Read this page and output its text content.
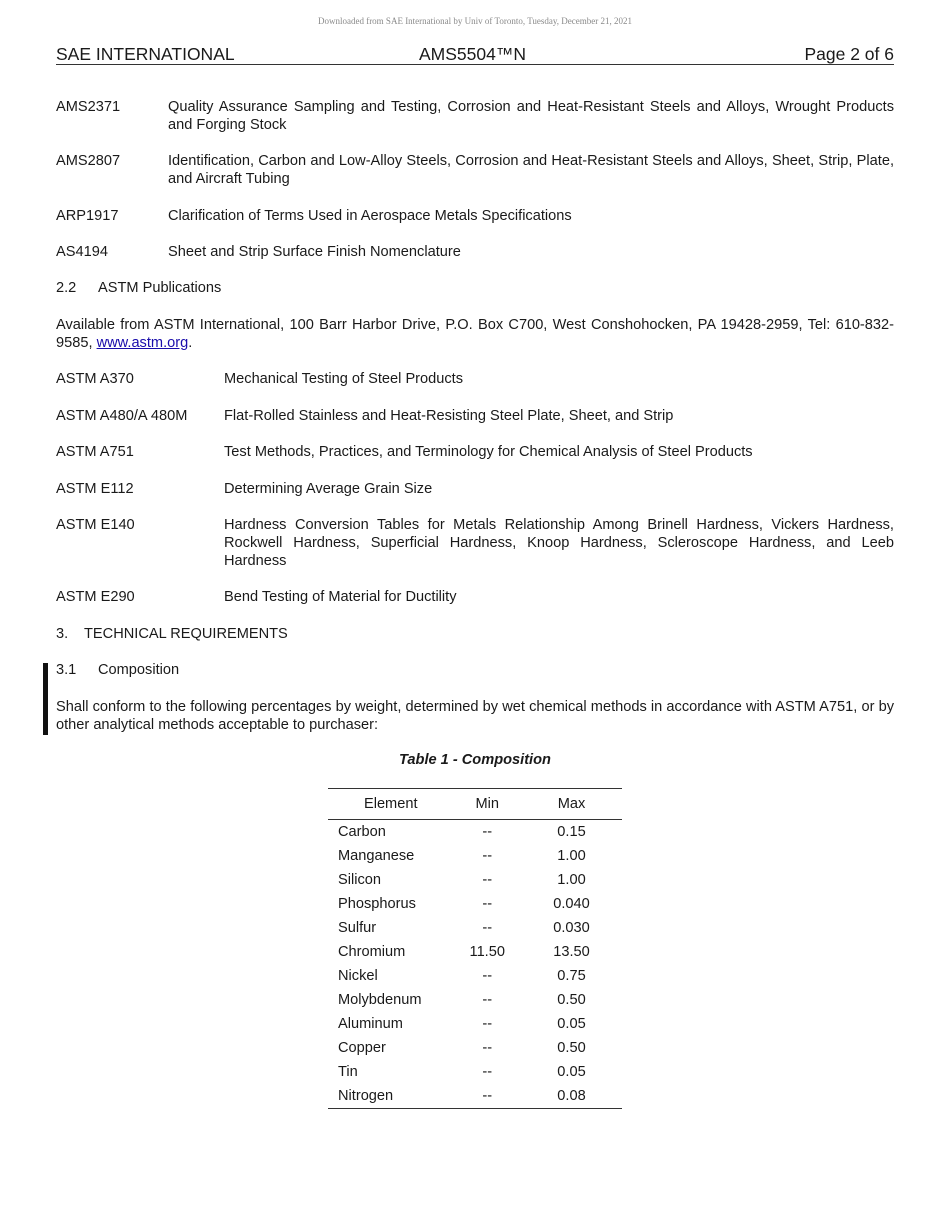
Downloaded from SAE International by Univ of Toronto, Tuesday, December 21, 2021
SAE INTERNATIONAL	AMS5504™N	Page 2 of 6
AMS2371	Quality Assurance Sampling and Testing, Corrosion and Heat-Resistant Steels and Alloys, Wrought Products and Forging Stock
AMS2807	Identification, Carbon and Low-Alloy Steels, Corrosion and Heat-Resistant Steels and Alloys, Sheet, Strip, Plate, and Aircraft Tubing
ARP1917	Clarification of Terms Used in Aerospace Metals Specifications
AS4194	Sheet and Strip Surface Finish Nomenclature
2.2 ASTM Publications
Available from ASTM International, 100 Barr Harbor Drive, P.O. Box C700, West Conshohocken, PA 19428-2959, Tel: 610-832-9585, www.astm.org.
ASTM A370	Mechanical Testing of Steel Products
ASTM A480/A 480M	Flat-Rolled Stainless and Heat-Resisting Steel Plate, Sheet, and Strip
ASTM A751	Test Methods, Practices, and Terminology for Chemical Analysis of Steel Products
ASTM E112	Determining Average Grain Size
ASTM E140	Hardness Conversion Tables for Metals Relationship Among Brinell Hardness, Vickers Hardness, Rockwell Hardness, Superficial Hardness, Knoop Hardness, Scleroscope Hardness, and Leeb Hardness
ASTM E290	Bend Testing of Material for Ductility
3. TECHNICAL REQUIREMENTS
3.1 Composition
Shall conform to the following percentages by weight, determined by wet chemical methods in accordance with ASTM A751, or by other analytical methods acceptable to purchaser:
Table 1 - Composition
Element	Min	Max
Carbon	--	0.15
Manganese	--	1.00
Silicon	--	1.00
Phosphorus	--	0.040
Sulfur	--	0.030
Chromium	11.50	13.50
Nickel	--	0.75
Molybdenum	--	0.50
Aluminum	--	0.05
Copper	--	0.50
Tin	--	0.05
Nitrogen	--	0.08
